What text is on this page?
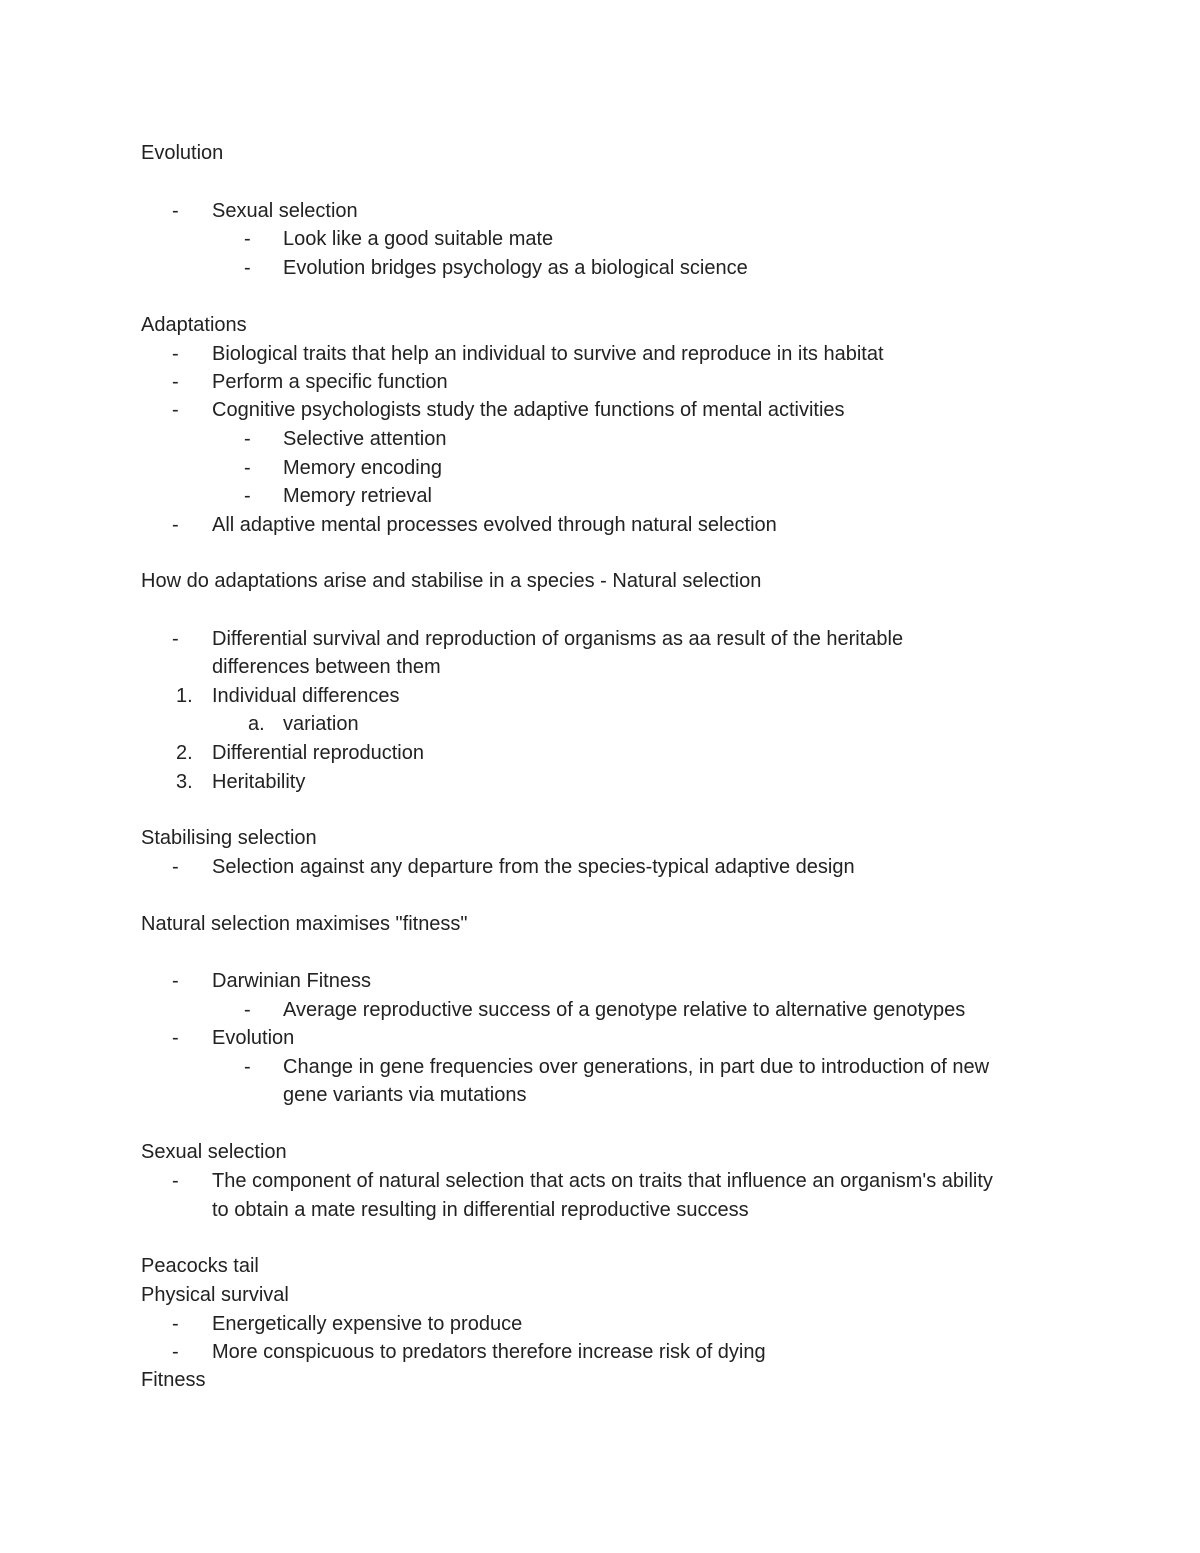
Evolution
-	Sexual selection
-	Look like a good suitable mate
-	Evolution bridges psychology as a biological science
Adaptations
-	Biological traits that help an individual to survive and reproduce in its habitat
-	Perform a specific function
-	Cognitive psychologists study the adaptive functions of mental activities
-	Selective attention
-	Memory encoding
-	Memory retrieval
-	All adaptive mental processes evolved through natural selection
How do adaptations arise and stabilise in a species - Natural selection
-	Differential survival and reproduction of organisms as aa result of the heritable
differences between them
1. Individual differences
a. variation
2. Differential reproduction
3. Heritability
Stabilising selection
-	Selection against any departure from the species-typical adaptive design
Natural selection maximises "fitness"
-	Darwinian Fitness
-	Average reproductive success of a genotype relative to alternative genotypes
-	Evolution
-	Change in gene frequencies over generations, in part due to introduction of new
gene variants via mutations
Sexual selection
-	The component of natural selection that acts on traits that influence an organism's ability
to obtain a mate resulting in differential reproductive success
Peacocks tail
Physical survival
-	Energetically expensive to produce
-	More conspicuous to predators therefore increase risk of dying
Fitness
